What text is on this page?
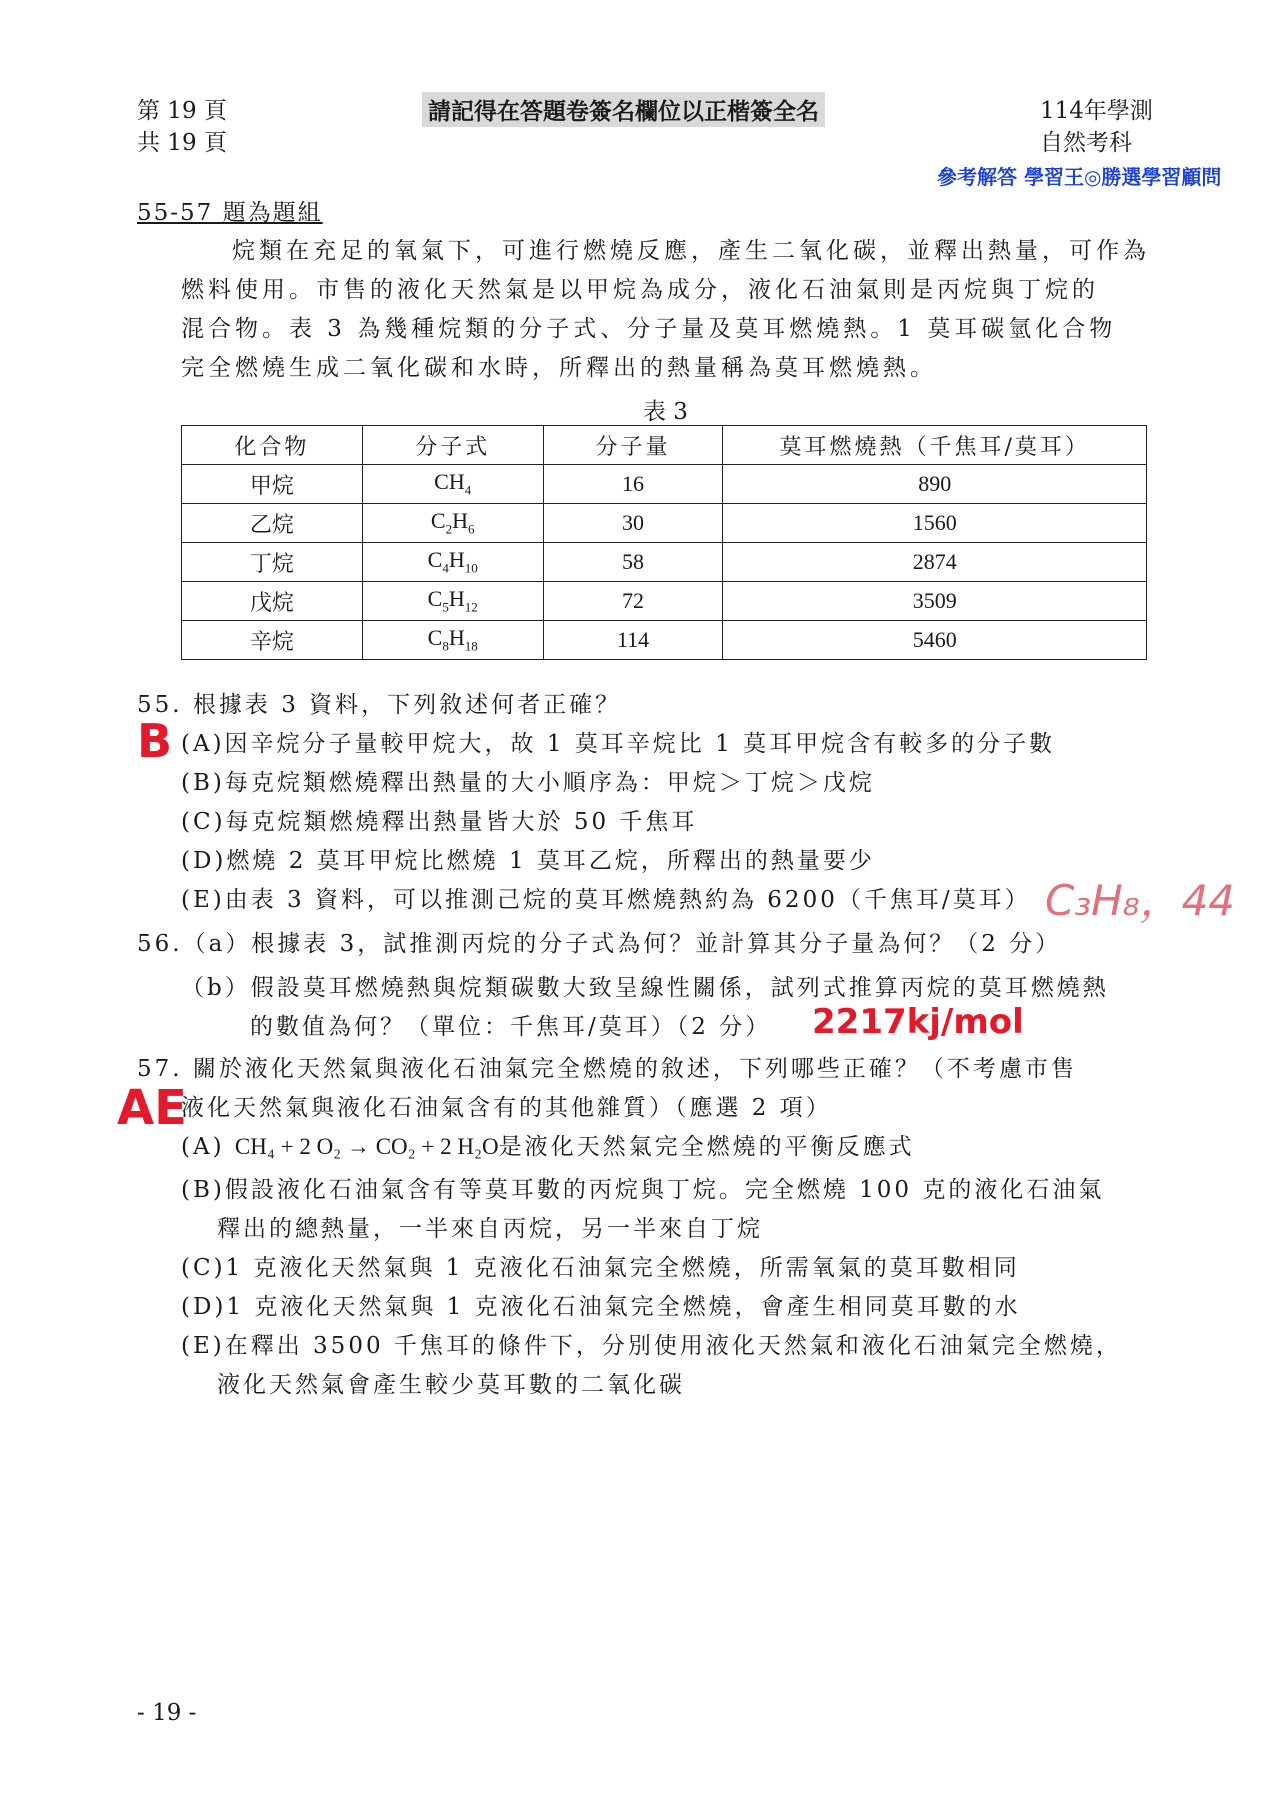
第 19 頁
共 19 頁
請記得在答題卷簽名欄位以正楷簽全名	114年學測
自然考科
參考解答 學習王◎勝選學習顧問
55-57 題為題組
烷類在充足的氧氣下，可進行燃燒反應，產生二氧化碳，並釋出熱量，可作為
燃料使用。市售的液化天然氣是以甲烷為成分，液化石油氣則是丙烷與丁烷的
混合物。表 3 為幾種烷類的分子式、分子量及莫耳燃燒熱。1 莫耳碳氫化合物
完全燃燒生成二氧化碳和水時，所釋出的熱量稱為莫耳燃燒熱。
表 3
化合物	分子式	分子量	莫耳燃燒熱（千焦耳/莫耳）
甲烷	$CH_4$	16	890
乙烷	$C_2H_6$	30	1560
丁烷	$C_4H_{10}$	58	2874
戊烷	$C_5H_{12}$	72	3509
辛烷	$C_8H_{18}$	114	5460
55. 根據表 3 資料，下列敘述何者正確？
B (A)因辛烷分子量較甲烷大，故 1 莫耳辛烷比 1 莫耳甲烷含有較多的分子數
(B)每克烷類燃燒釋出熱量的大小順序為：甲烷＞丁烷＞戊烷
(C)每克烷類燃燒釋出熱量皆大於 50 千焦耳
(D)燃燒 2 莫耳甲烷比燃燒 1 莫耳乙烷，所釋出的熱量要少
(E)由表 3 資料，可以推測己烷的莫耳燃燒熱約為 6200（千焦耳/莫耳） C₃H₈，44
56.（a）根據表 3，試推測丙烷的分子式為何？並計算其分子量為何？（2 分）
（b）假設莫耳燃燒熱與烷類碳數大致呈線性關係，試列式推算丙烷的莫耳燃燒熱
的數值為何？（單位：千焦耳/莫耳）（2 分） 2217kj/mol
57. 關於液化天然氣與液化石油氣完全燃燒的敘述，下列哪些正確？（不考慮市售
AE
液化天然氣與液化石油氣含有的其他雜質）（應選 2 項）
(A) CH₄ + 2 O₂ → CO₂ + 2 H₂O是液化天然氣完全燃燒的平衡反應式
(B)假設液化石油氣含有等莫耳數的丙烷與丁烷。完全燃燒 100 克的液化石油氣
釋出的總熱量，一半來自丙烷，另一半來自丁烷
(C)1 克液化天然氣與 1 克液化石油氣完全燃燒，所需氧氣的莫耳數相同
(D)1 克液化天然氣與 1 克液化石油氣完全燃燒，會產生相同莫耳數的水
(E)在釋出 3500 千焦耳的條件下，分別使用液化天然氣和液化石油氣完全燃燒，
液化天然氣會產生較少莫耳數的二氧化碳
- 19 -
